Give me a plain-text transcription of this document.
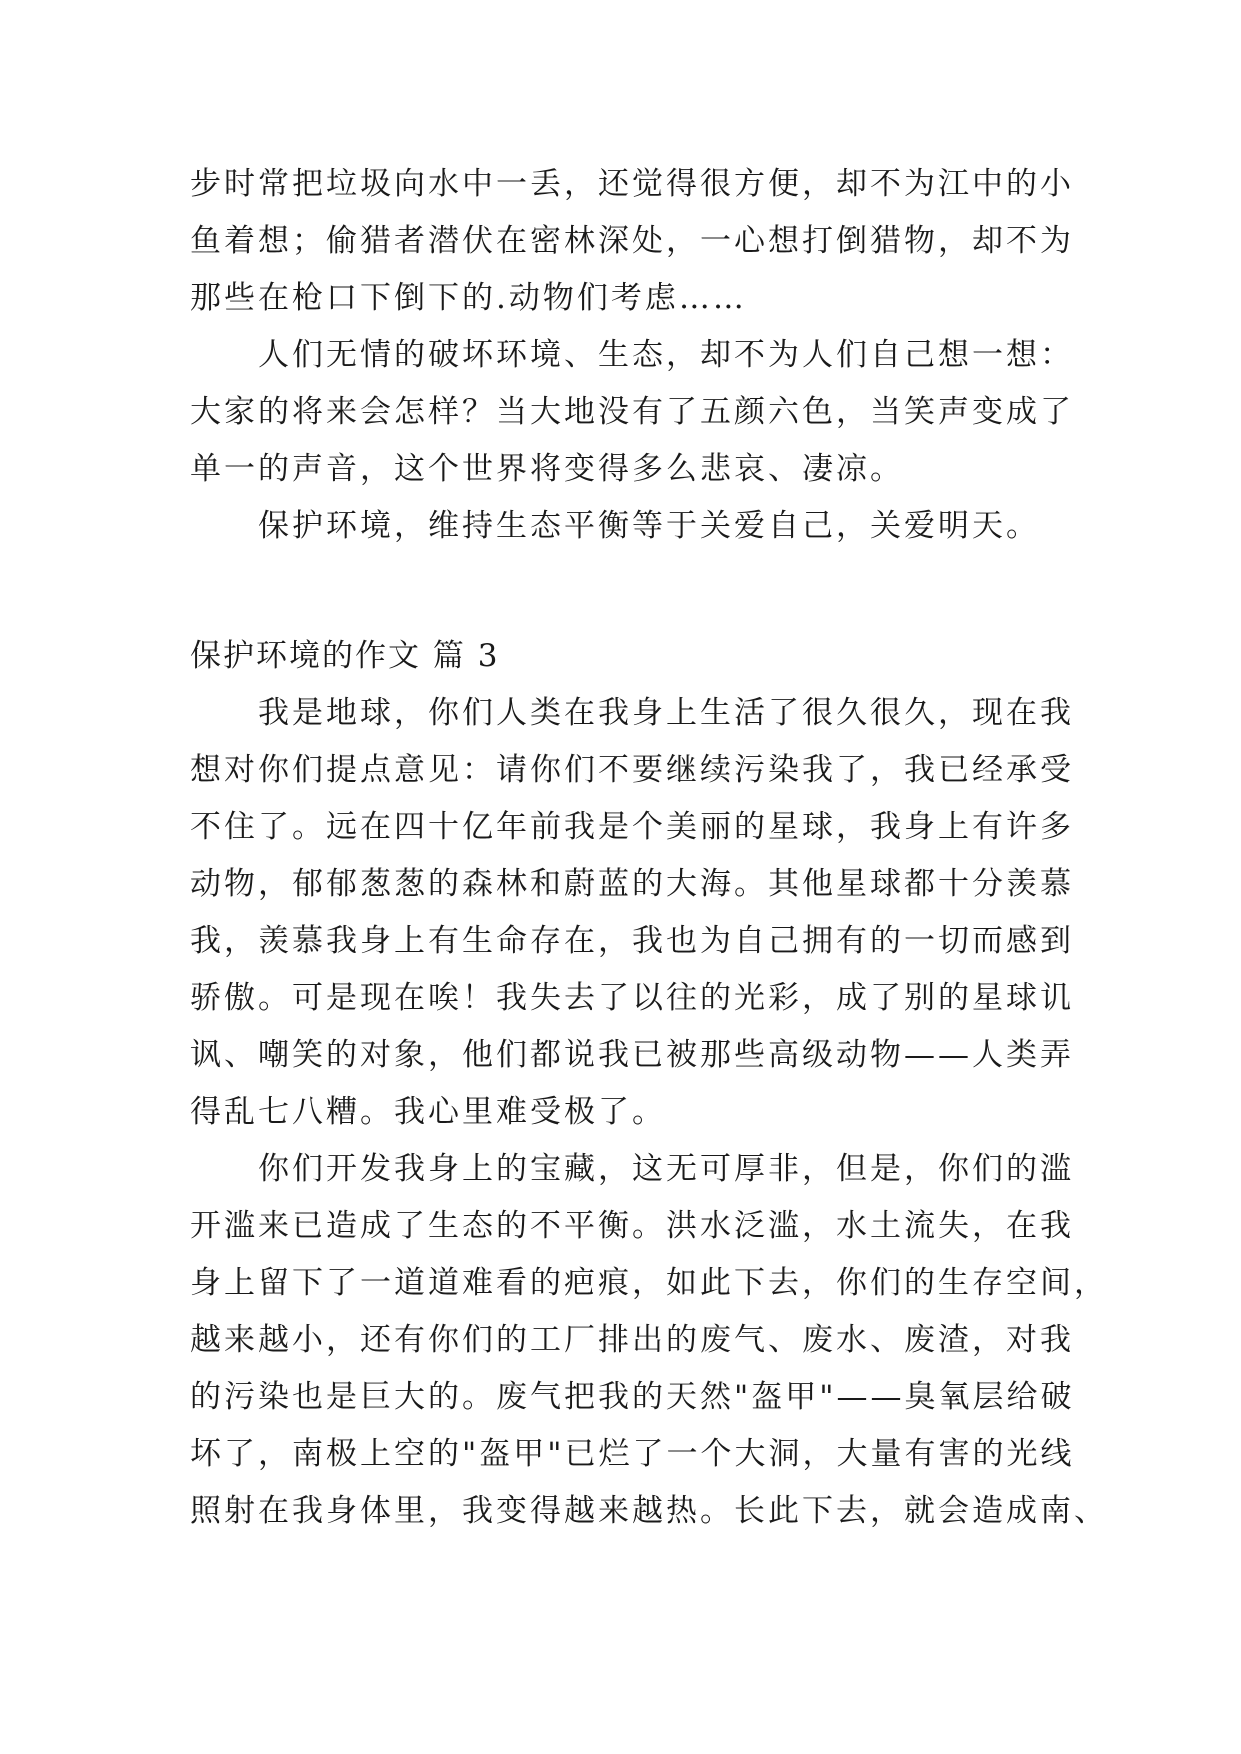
步时常把垃圾向水中一丢，还觉得很方便，却不为江中的小
鱼着想；偷猎者潜伏在密林深处，一心想打倒猎物，却不为
那些在枪口下倒下的.动物们考虑……

人们无情的破坏环境、生态，却不为人们自己想一想：
大家的将来会怎样？当大地没有了五颜六色，当笑声变成了
单一的声音，这个世界将变得多么悲哀、凄凉。

保护环境，维持生态平衡等于关爱自己，关爱明天。

保护环境的作文 篇 3

我是地球，你们人类在我身上生活了很久很久，现在我
想对你们提点意见：请你们不要继续污染我了，我已经承受
不住了。远在四十亿年前我是个美丽的星球，我身上有许多
动物，郁郁葱葱的森林和蔚蓝的大海。其他星球都十分羡慕
我，羡慕我身上有生命存在，我也为自己拥有的一切而感到
骄傲。可是现在唉！我失去了以往的光彩，成了别的星球讥
讽、嘲笑的对象，他们都说我已被那些高级动物——人类弄
得乱七八糟。我心里难受极了。

你们开发我身上的宝藏，这无可厚非，但是，你们的滥
开滥来已造成了生态的不平衡。洪水泛滥，水土流失，在我
身上留下了一道道难看的疤痕，如此下去，你们的生存空间，
越来越小，还有你们的工厂排出的废气、废水、废渣，对我
的污染也是巨大的。废气把我的天然"盔甲"——臭氧层给破
坏了，南极上空的"盔甲"已烂了一个大洞，大量有害的光线
照射在我身体里，我变得越来越热。长此下去，就会造成南、
